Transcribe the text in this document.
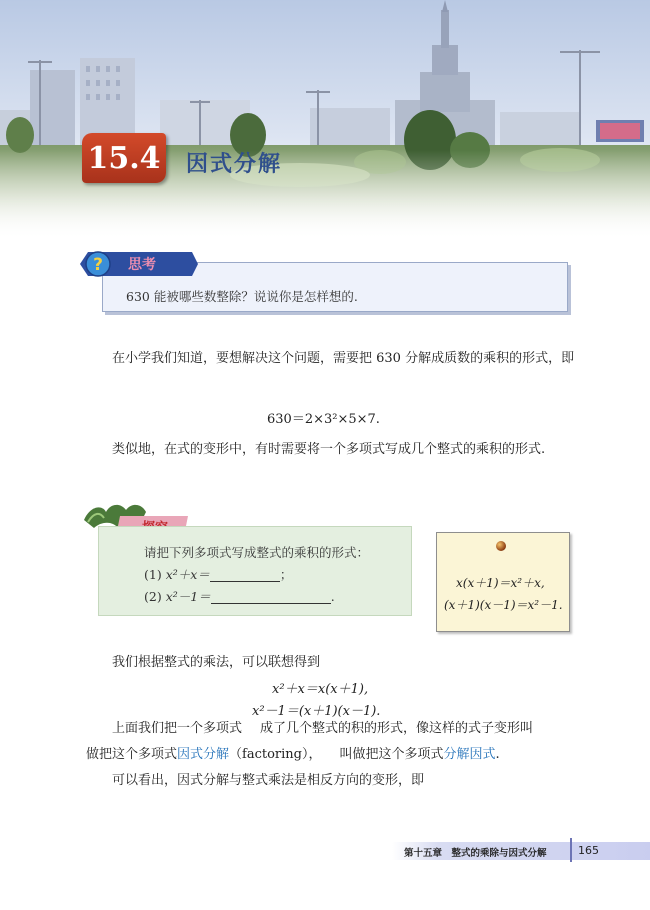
15.4 因式分解
? 思考
630 能被哪些数整除？说说你是怎样想的.
在小学我们知道，要想解决这个问题，需要把 630 分解成质数的乘积的形式，即
630＝2×3²×5×7.
类似地，在式的变形中，有时需要将一个多项式写成几个整式的乘积的形式.
请把下列多项式写成整式的乘积的形式：
(1) x²＋x＝	；
(2) x²－1＝	.
x(x＋1)＝x²＋x,
(x＋1)(x－1)＝x²－1.
我们根据整式的乘法，可以联想得到
x²＋x＝x(x＋1),
x²－1＝(x＋1)(x－1).
上面我们把一个多项式 成了几个整式的积的形式，像这样的式子变形叫
做把这个多项式因式分解（factoring）， 叫做把这个多项式分解因式.
可以看出，因式分解与整式乘法是相反方向的变形，即
第十五章　整式的乘除与因式分解	165
